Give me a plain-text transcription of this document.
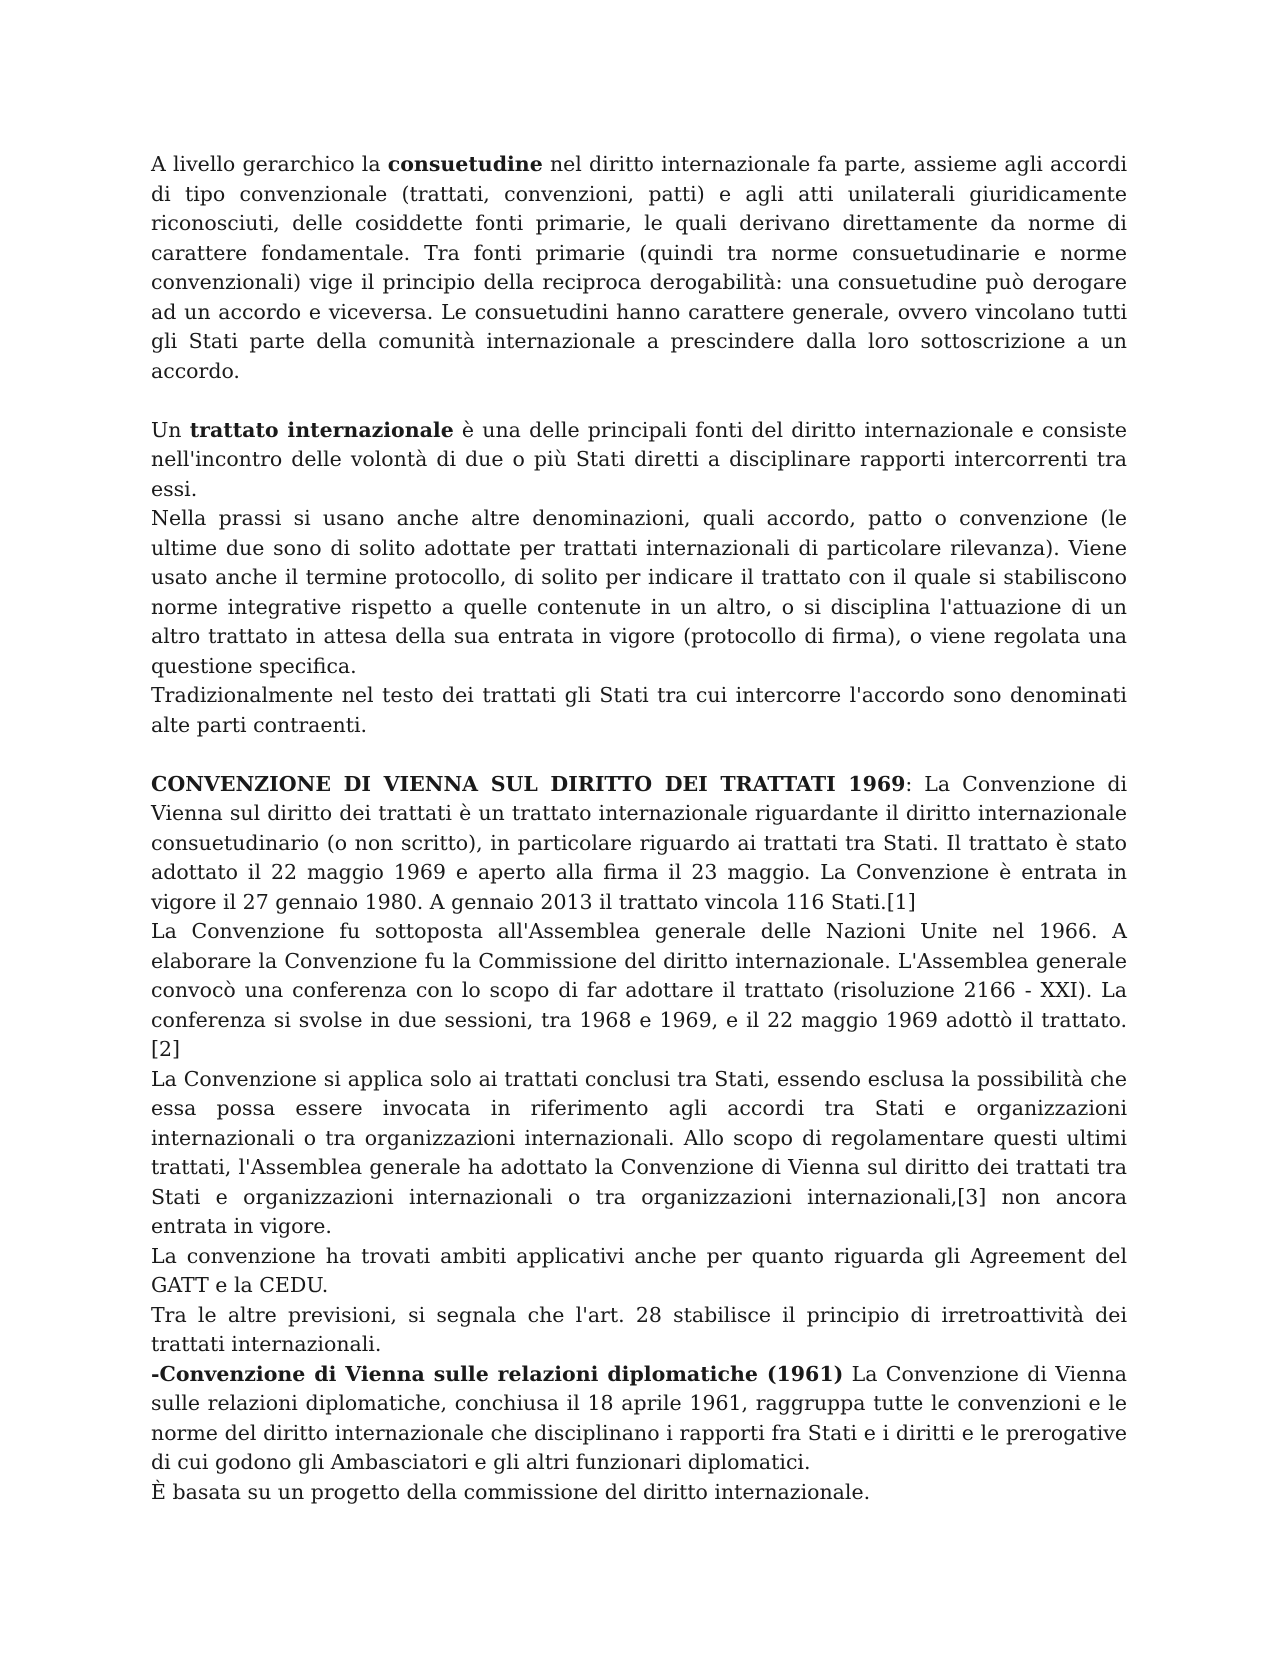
A livello gerarchico la consuetudine nel diritto internazionale fa parte, assieme agli accordi di tipo convenzionale (trattati, convenzioni, patti) e agli atti unilaterali giuridicamente riconosciuti, delle cosiddette fonti primarie, le quali derivano direttamente da norme di carattere fondamentale. Tra fonti primarie (quindi tra norme consuetudinarie e norme convenzionali) vige il principio della reciproca derogabilità: una consuetudine può derogare ad un accordo e viceversa. Le consuetudini hanno carattere generale, ovvero vincolano tutti gli Stati parte della comunità internazionale a prescindere dalla loro sottoscrizione a un accordo.

Un trattato internazionale è una delle principali fonti del diritto internazionale e consiste nell'incontro delle volontà di due o più Stati diretti a disciplinare rapporti intercorrenti tra essi.

Nella prassi si usano anche altre denominazioni, quali accordo, patto o convenzione (le ultime due sono di solito adottate per trattati internazionali di particolare rilevanza). Viene usato anche il termine protocollo, di solito per indicare il trattato con il quale si stabiliscono norme integrative rispetto a quelle contenute in un altro, o si disciplina l'attuazione di un altro trattato in attesa della sua entrata in vigore (protocollo di firma), o viene regolata una questione specifica.

Tradizionalmente nel testo dei trattati gli Stati tra cui intercorre l'accordo sono denominati alte parti contraenti.

CONVENZIONE DI VIENNA SUL DIRITTO DEI TRATTATI 1969: La Convenzione di Vienna sul diritto dei trattati è un trattato internazionale riguardante il diritto internazionale consuetudinario (o non scritto), in particolare riguardo ai trattati tra Stati. Il trattato è stato adottato il 22 maggio 1969 e aperto alla firma il 23 maggio. La Convenzione è entrata in vigore il 27 gennaio 1980. A gennaio 2013 il trattato vincola 116 Stati.[1]

La Convenzione fu sottoposta all'Assemblea generale delle Nazioni Unite nel 1966. A elaborare la Convenzione fu la Commissione del diritto internazionale. L'Assemblea generale convocò una conferenza con lo scopo di far adottare il trattato (risoluzione 2166 - XXI). La conferenza si svolse in due sessioni, tra 1968 e 1969, e il 22 maggio 1969 adottò il trattato.[2]

La Convenzione si applica solo ai trattati conclusi tra Stati, essendo esclusa la possibilità che essa possa essere invocata in riferimento agli accordi tra Stati e organizzazioni internazionali o tra organizzazioni internazionali. Allo scopo di regolamentare questi ultimi trattati, l'Assemblea generale ha adottato la Convenzione di Vienna sul diritto dei trattati tra Stati e organizzazioni internazionali o tra organizzazioni internazionali,[3] non ancora entrata in vigore.

La convenzione ha trovati ambiti applicativi anche per quanto riguarda gli Agreement del GATT e la CEDU.

Tra le altre previsioni, si segnala che l'art. 28 stabilisce il principio di irretroattività dei trattati internazionali.

-Convenzione di Vienna sulle relazioni diplomatiche (1961) La Convenzione di Vienna sulle relazioni diplomatiche, conchiusa il 18 aprile 1961, raggruppa tutte le convenzioni e le norme del diritto internazionale che disciplinano i rapporti fra Stati e i diritti e le prerogative di cui godono gli Ambasciatori e gli altri funzionari diplomatici.

È basata su un progetto della commissione del diritto internazionale.
